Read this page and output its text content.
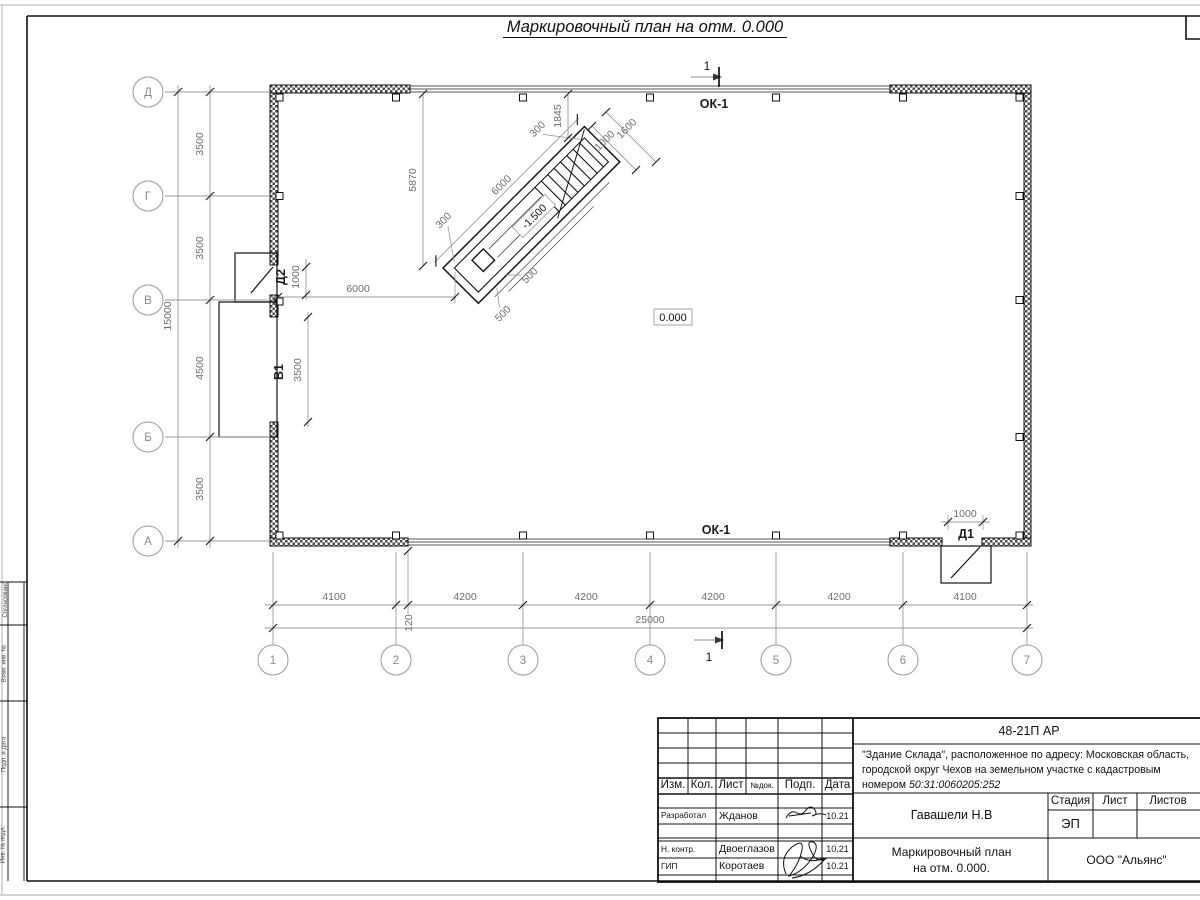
-1.500
6000
300
300
500
500
5870
1845
1000
1600
6000
0.000
1000
3500
1000
120
Д
Г
В
Б
А
1	2	3	4	5	6	7
3500
3500
4500
3500
15000
4100	4200	4200	4200	4200	4100
25000
ОК-1
ОК-1	Д1
Д2
В1
1
1
Маркировочный план на отм. 0.000
Согласовано
Взам. инв. №
Подп. и дата
Инв. № подл.
Изм. Кол. Лист №док. Подп. Дата
Разработал	Жданов	10.21
Н. контр.	Двоеглазов	10.21
ГИП	Коротаев	10.21
48-21П АР
"Здание Склада", расположенное по адресу: Московская область, городской округ Чехов на земельном участке с кадастровым номером 50:31:0060205:252
Гавашели Н.В
Стадия	Лист	Листов
ЭП
Маркировочный план
на отм. 0.000.
ООО "Альянс"
